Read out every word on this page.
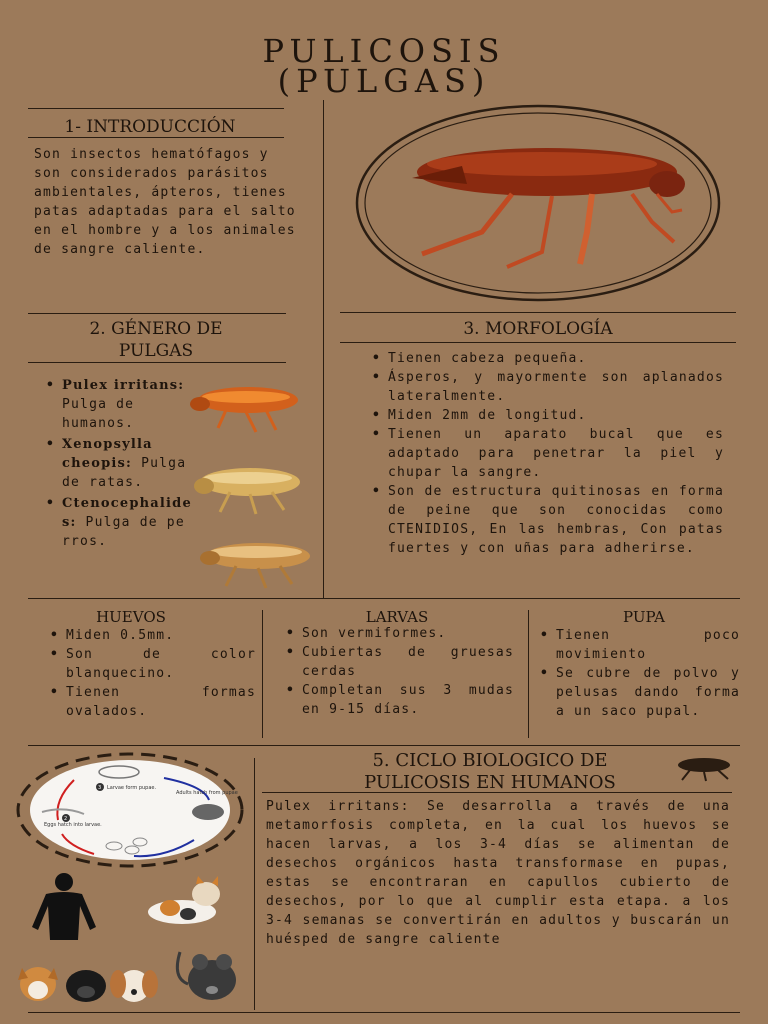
PULICOSIS
(PULGAS)
1- INTRODUCCIÓN
Son insectos hematófagos y son considerados parásitos ambientales, ápteros, tienes patas adaptadas para el salto en el hombre y a los animales de sangre caliente.
2. GÉNERO DE
PULGAS
• Pulex irritans: Pulga de humanos.
• Xenopsylla cheopis: Pulga de ratas.
• Ctenocephalides: Pulga de perros.
3. MORFOLOGÍA
• Tienen cabeza pequeña.
• Ásperos, y mayormente son aplanados lateralmente.
• Miden 2mm de longitud.
• Tienen un aparato bucal que es adaptado para penetrar la piel y chupar la sangre.
• Son de estructura quitinosas en forma de peine que son conocidas como CTENIDIOS, En las hembras, Con patas fuertes y con uñas para adherirse.
HUEVOS
• Miden 0.5mm.
• Son de color blanquecino.
• Tienen formas ovalados.
LARVAS
• Son vermiformes.
• Cubiertas de gruesas cerdas
• Completan sus 3 mudas en 9-15 días.
PUPA
• Tienen poco movimiento
• Se cubre de polvo y pelusas dando forma a un saco pupal.
5. CICLO BIOLOGICO DE
PULICOSIS EN HUMANOS
Pulex irritans: Se desarrolla a través de una metamorfosis completa, en la cual los huevos se hacen larvas, a los 3-4 días se alimentan de desechos orgánicos hasta transformase en pupas, estas se encontraran en capullos cubierto de desechos, por lo que al cumplir esta etapa. a los 3-4 semanas se convertirán en adultos y buscarán un huésped de sangre caliente
3
2
Larvae form pupae.
Adults hatch from pupae
Eggs hatch into larvae.
